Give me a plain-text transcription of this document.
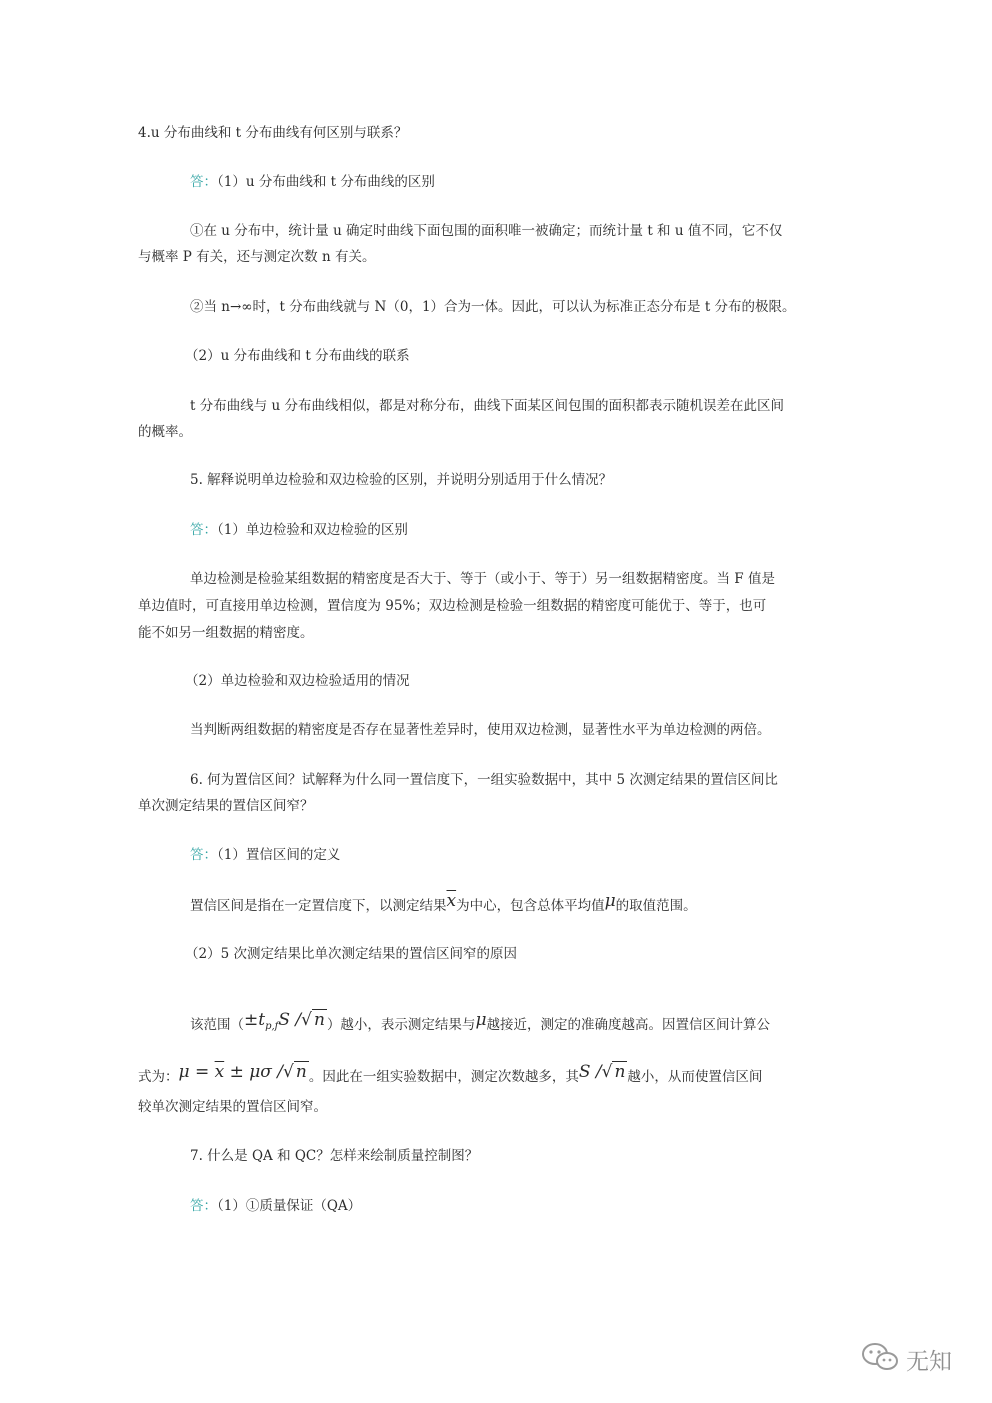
4.u 分布曲线和 t 分布曲线有何区别与联系？
答：（1）u 分布曲线和 t 分布曲线的区别
①在 u 分布中，统计量 u 确定时曲线下面包围的面积唯一被确定；而统计量 t 和 u 值不同，它不仅
与概率 P 有关，还与测定次数 n 有关。
②当 n→∞时，t 分布曲线就与 N（0，1）合为一体。因此，可以认为标准正态分布是 t 分布的极限。
（2）u 分布曲线和 t 分布曲线的联系
t 分布曲线与 u 分布曲线相似，都是对称分布，曲线下面某区间包围的面积都表示随机误差在此区间
的概率。
5. 解释说明单边检验和双边检验的区别，并说明分别适用于什么情况？
答：（1）单边检验和双边检验的区别
单边检测是检验某组数据的精密度是否大于、等于（或小于、等于）另一组数据精密度。当 F 值是
单边值时，可直接用单边检测，置信度为 95%；双边检测是检验一组数据的精密度可能优于、等于，也可
能不如另一组数据的精密度。
（2）单边检验和双边检验适用的情况
当判断两组数据的精密度是否存在显著性差异时，使用双边检测，显著性水平为单边检测的两倍。
6. 何为置信区间？试解释为什么同一置信度下，一组实验数据中，其中 5 次测定结果的置信区间比
单次测定结果的置信区间窄？
答：（1）置信区间的定义
置信区间是指在一定置信度下，以测定结果$\overline{x}$为中心，包含总体平均值μ的取值范围。
（2）5 次测定结果比单次测定结果的置信区间窄的原因
该范围（$\pm t_{p,f}S$ /√ n ）越小，表示测定结果与μ越接近，测定的准确度越高。因置信区间计算公
式为：$\mu = \overline{x} \pm \mu\sigma$ /√ n 。因此在一组实验数据中，测定次数越多，其S /√ n 越小，从而使置信区间
较单次测定结果的置信区间窄。
7. 什么是 QA 和 QC？怎样来绘制质量控制图？
答：（1）①质量保证（QA）
无知
